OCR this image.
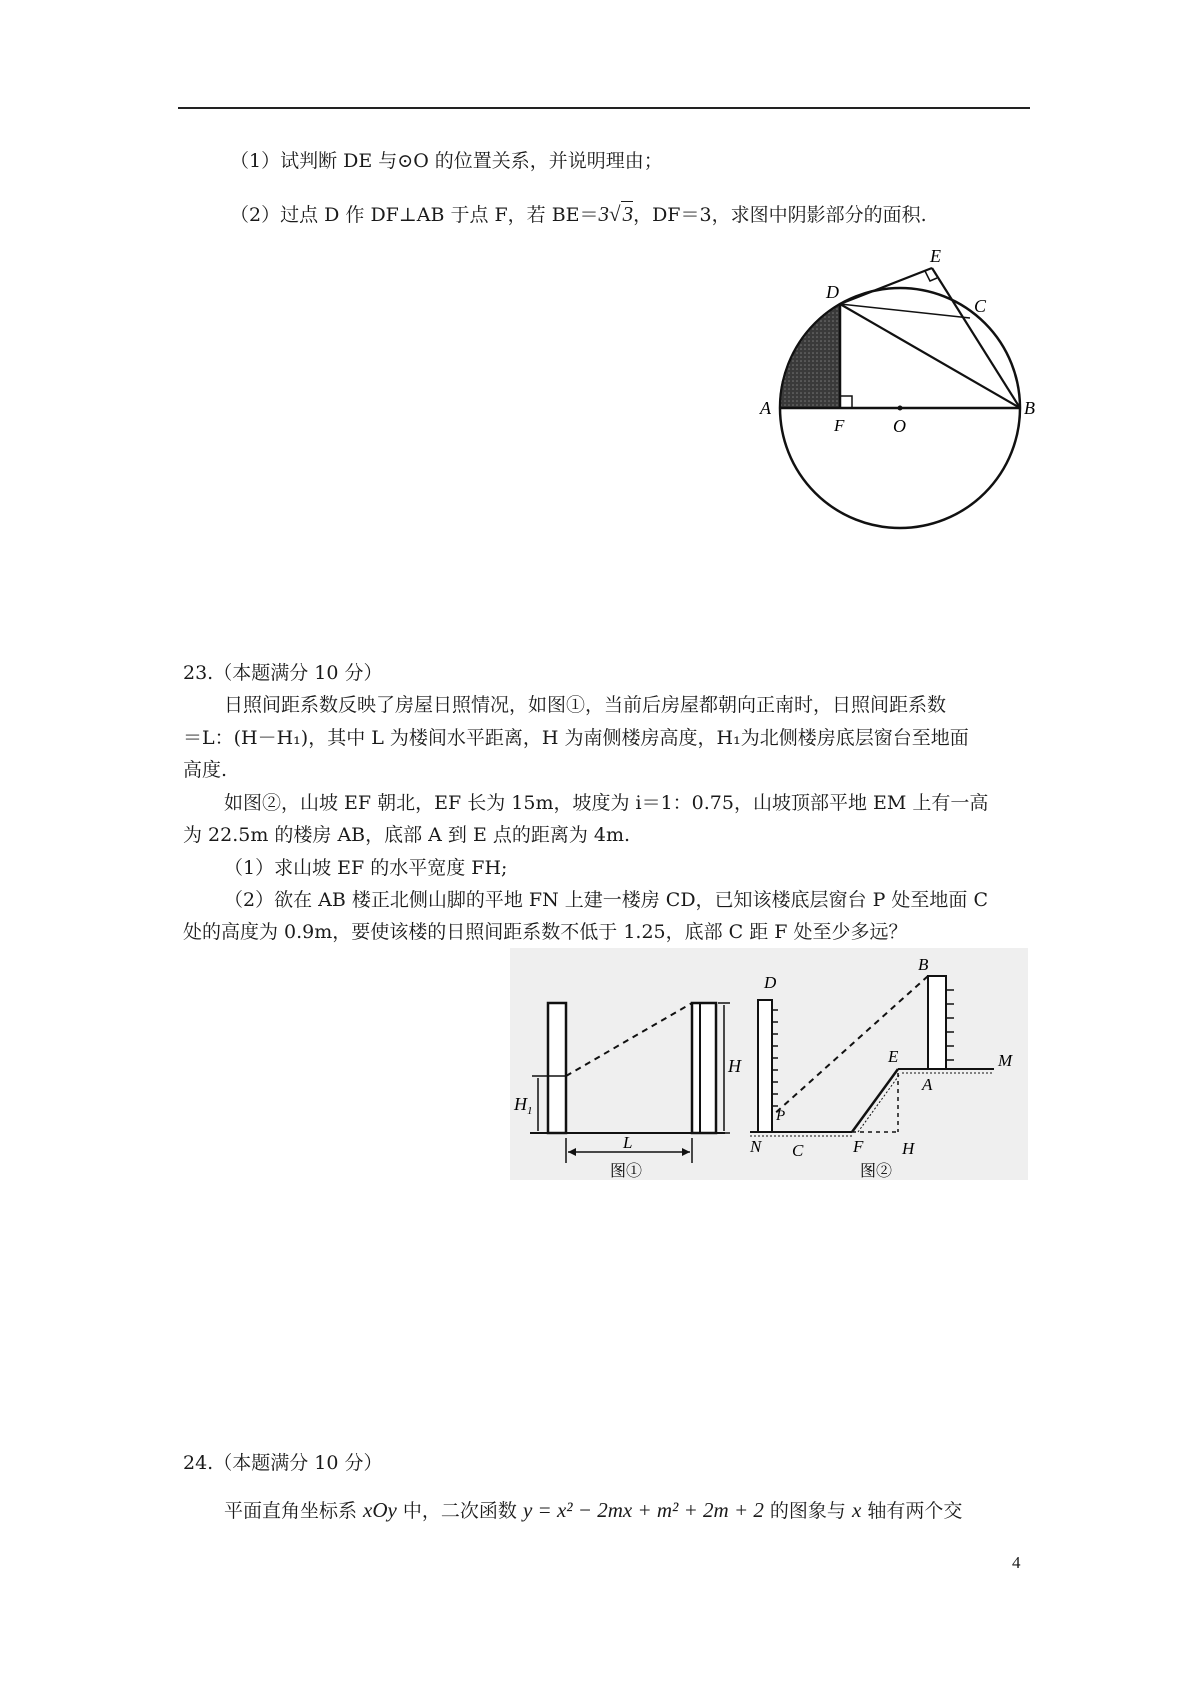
（1）试判断 DE 与⊙O 的位置关系，并说明理由；
（2）过点 D 作 DF⊥AB 于点 F，若 BE＝3√3，DF＝3，求图中阴影部分的面积.
E
D
C
A	B
F	O
23.（本题满分 10 分）
日照间距系数反映了房屋日照情况，如图①，当前后房屋都朝向正南时，日照间距系数
＝L：(H－H₁)，其中 L 为楼间水平距离，H 为南侧楼房高度，H₁为北侧楼房底层窗台至地面
高度.
如图②，山坡 EF 朝北，EF 长为 15m，坡度为 i＝1：0.75，山坡顶部平地 EM 上有一高
为 22.5m 的楼房 AB，底部 A 到 E 点的距离为 4m.
（1）求山坡 EF 的水平宽度 FH;
（2）欲在 AB 楼正北侧山脚的平地 FN 上建一楼房 CD，已知该楼底层窗台 P 处至地面 C
处的高度为 0.9m，要使该楼的日照间距系数不低于 1.25，底部 C 距 F 处至少多远？
H
$H_1$
L
图①
B
D
E	M
A
P
N C	F H
图②
24.（本题满分 10 分）
平面直角坐标系 xOy 中，二次函数 y = x² − 2mx + m² + 2m + 2 的图象与 x 轴有两个交
4
